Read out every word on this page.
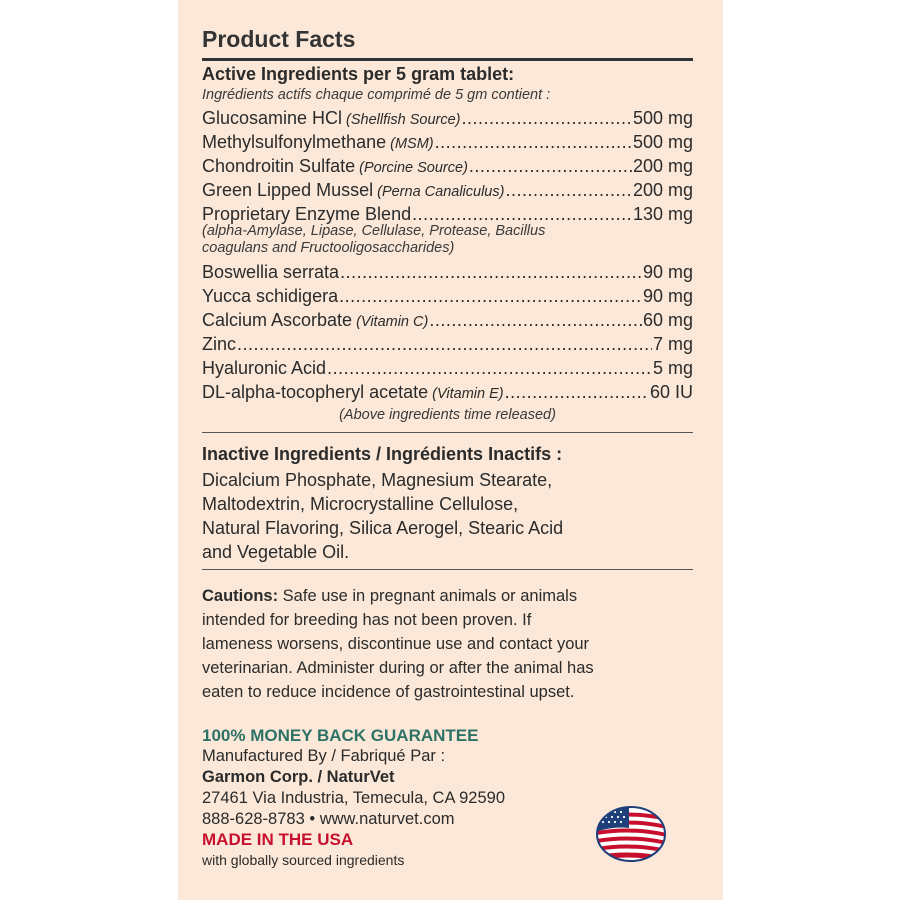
Product Facts
Active Ingredients per 5 gram tablet:
Ingrédients actifs chaque comprimé de 5 gm contient :
Glucosamine HCl (Shellfish Source) .....	500 mg
Methylsulfonylmethane (MSM) .....	500 mg
Chondroitin Sulfate (Porcine Source) .....	200 mg
Green Lipped Mussel (Perna Canaliculus) .....	200 mg
Proprietary Enzyme Blend .....	130 mg
Boswellia serrata .....	90 mg
Yucca schidigera .....	90 mg
Calcium Ascorbate (Vitamin C) .....	60 mg
Zinc .....	7 mg
Hyaluronic Acid .....	5 mg
DL-alpha-tocopheryl acetate (Vitamin E) .....	60 IU
(alpha-Amylase, Lipase, Cellulase, Protease, Bacillus
coagulans and Fructooligosaccharides)
(Above ingredients time released)
Inactive Ingredients / Ingrédients Inactifs :
Dicalcium Phosphate, Magnesium Stearate,
Maltodextrin, Microcrystalline Cellulose,
Natural Flavoring, Silica Aerogel, Stearic Acid
and Vegetable Oil.
Cautions: Safe use in pregnant animals or animals
intended for breeding has not been proven. If
lameness worsens, discontinue use and contact your
veterinarian. Administer during or after the animal has
eaten to reduce incidence of gastrointestinal upset.
100% MONEY BACK GUARANTEE
Manufactured By / Fabriqué Par :
Garmon Corp. / NaturVet
27461 Via Industria, Temecula, CA 92590
888-628-8783 • www.naturvet.com
MADE IN THE USA
with globally sourced ingredients
